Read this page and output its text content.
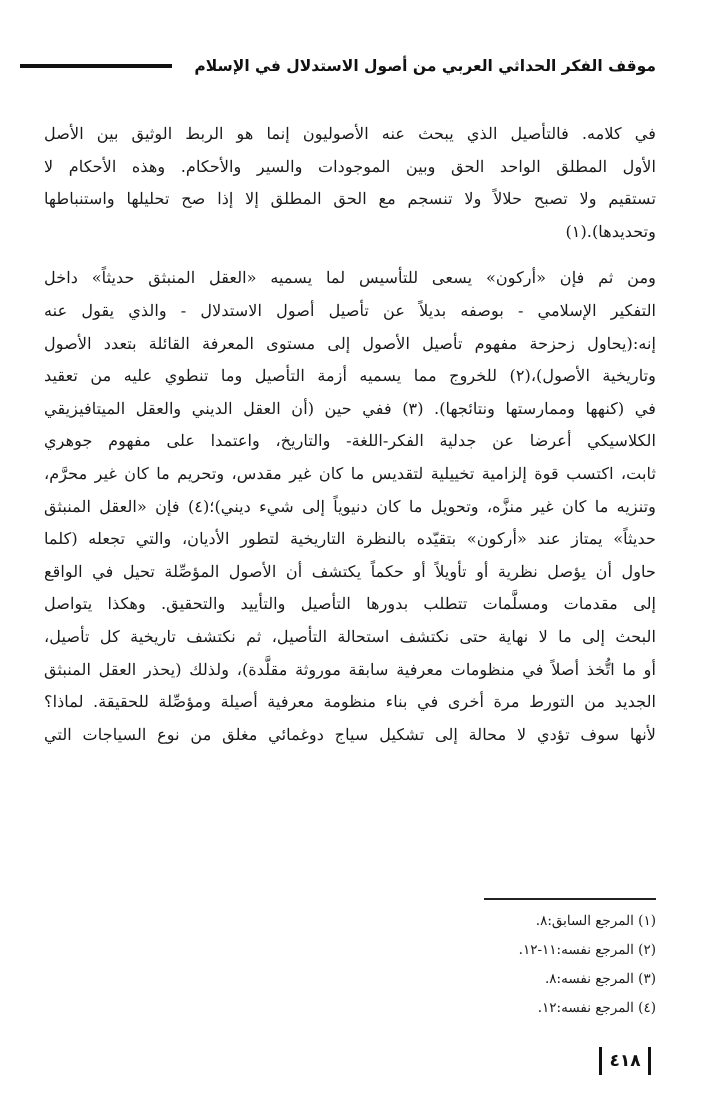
موقف الفكر الحداثي العربي من أصول الاستدلال في الإسلام
في كلامه. فالتأصيل الذي يبحث عنه الأصوليون إنما هو الربط الوثيق بين الأصل
الأول المطلق الواحد الحق وبين الموجودات والسير والأحكام. وهذه الأحكام لا
تستقيم ولا تصبح حلالاً ولا تنسجم مع الحق المطلق إلا إذا صح تحليلها واستنباطها
وتحديدها).(١)
ومن ثم فإن «أركون» يسعى للتأسيس لما يسميه «العقل المنبثق حديثاً» داخل
التفكير الإسلامي - بوصفه بديلاً عن تأصيل أصول الاستدلال - والذي يقول عنه
إنه:(يحاول زحزحة مفهوم تأصيل الأصول إلى مستوى المعرفة القائلة بتعدد الأصول
وتاريخية الأصول)،(٢) للخروج مما يسميه أزمة التأصيل وما تنطوي عليه من تعقيد
في (كنهها وممارستها ونتائجها). (٣) ففي حين (أن العقل الديني والعقل الميتافيزيقي
الكلاسيكي أعرضا عن جدلية الفكر-اللغة- والتاريخ، واعتمدا على مفهوم جوهري
ثابت، اكتسب قوة إلزامية تخييلية لتقديس ما كان غير مقدس، وتحريم ما كان غير محرَّم،
وتنزيه ما كان غير منزَّه، وتحويل ما كان دنيوياً إلى شيء ديني)؛(٤) فإن «العقل المنبثق
حديثاً» يمتاز عند «أركون» بتقيّده بالنظرة التاريخية لتطور الأديان، والتي تجعله (كلما
حاول أن يؤصل نظرية أو تأويلاً أو حكماً يكتشف أن الأصول المؤصِّلة تحيل في الواقع
إلى مقدمات ومسلَّمات تتطلب بدورها التأصيل والتأييد والتحقيق. وهكذا يتواصل
البحث إلى ما لا نهاية حتى نكتشف استحالة التأصيل، ثم نكتشف تاريخية كل تأصيل،
أو ما اتُّخذ أصلاً في منظومات معرفية سابقة موروثة مقلَّدة)، ولذلك (يحذر العقل المنبثق
الجديد من التورط مرة أخرى في بناء منظومة معرفية أصيلة ومؤصِّلة للحقيقة. لماذا؟
لأنها سوف تؤدي لا محالة إلى تشكيل سياج دوغمائي مغلق من نوع السياجات التي
(١) المرجع السابق:٨.
(٢) المرجع نفسه:١١-١٢.
(٣) المرجع نفسه:٨.
(٤) المرجع نفسه:١٢.
٤١٨
